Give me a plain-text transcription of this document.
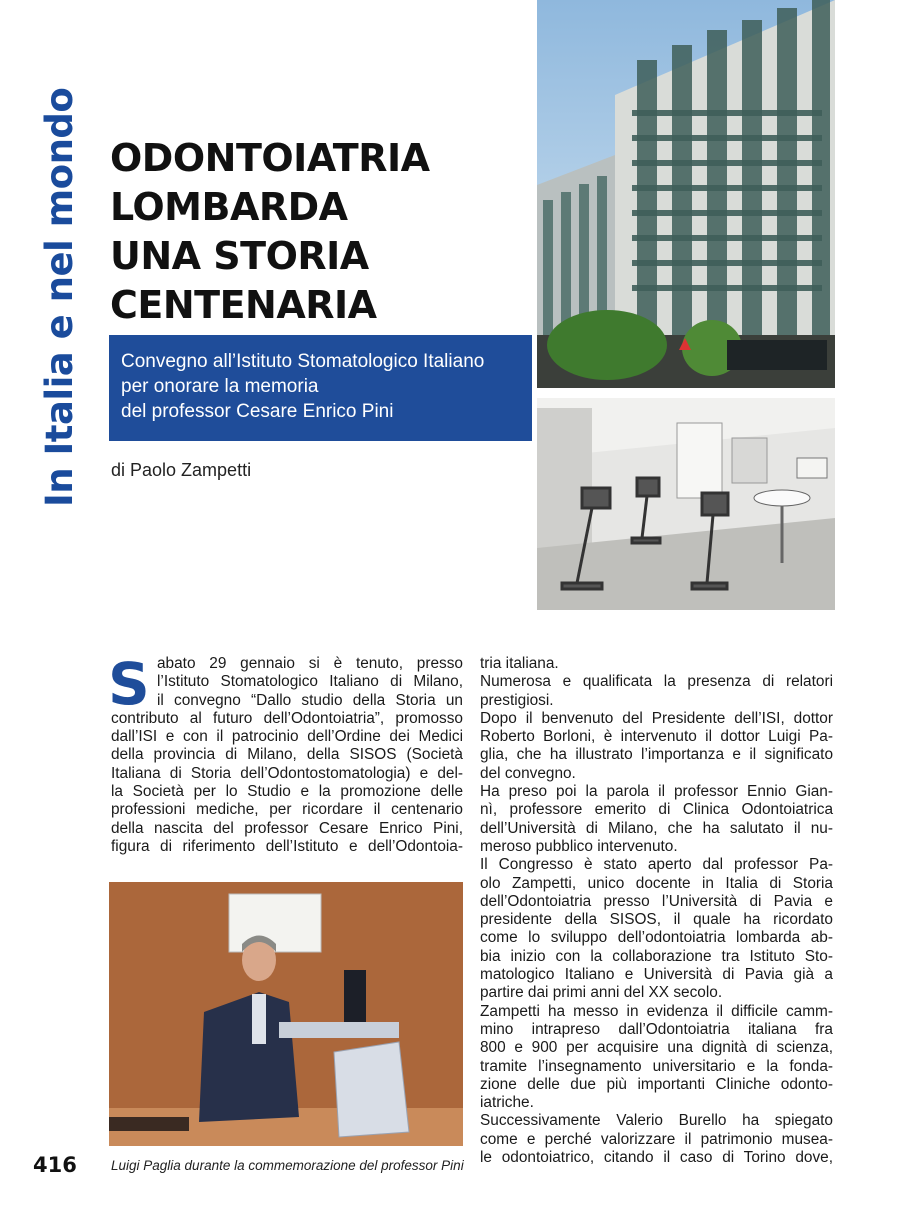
In Italia e nel mondo ODONTOIATRIA
LOMBARDA
UNA STORIA
CENTENARIA
Convegno all’Istituto Stomatologico Italiano
per onorare la memoria
del professor Cesare Enrico Pini
di Paolo Zampetti
S abato 29 gennaio si è tenuto, presso
l’Istituto Stomatologico Italiano di Milano,
il convegno “Dallo studio della Storia un
contributo al futuro dell’Odontoiatria”, promosso
dall’ISI e con il patrocinio dell’Ordine dei Medici
della provincia di Milano, della SISOS (Società
Italiana di Storia dell’Odontostomatologia) e del-
la Società per lo Studio e la promozione delle
professioni mediche, per ricordare il centenario
della nascita del professor Cesare Enrico Pini,
figura di riferimento dell’Istituto e dell’Odontoia-
Luigi Paglia durante la commemorazione del professor Pini
tria italiana.
Numerosa e qualificata la presenza di relatori
prestigiosi.
Dopo il benvenuto del Presidente dell’ISI, dottor
Roberto Borloni, è intervenuto il dottor Luigi Pa-
glia, che ha illustrato l’importanza e il significato
del convegno.
Ha preso poi la parola il professor Ennio Gian-
nì, professore emerito di Clinica Odontoiatrica
dell’Università di Milano, che ha salutato il nu-
meroso pubblico intervenuto.
Il Congresso è stato aperto dal professor Pa-
olo Zampetti, unico docente in Italia di Storia
dell’Odontoiatria presso l’Università di Pavia e
presidente della SISOS, il quale ha ricordato
come lo sviluppo dell’odontoiatria lombarda ab-
bia inizio con la collaborazione tra Istituto Sto-
matologico Italiano e Università di Pavia già a
partire dai primi anni del XX secolo.
Zampetti ha messo in evidenza il difficile camm-
mino intrapreso dall’Odontoiatria italiana fra
800 e 900 per acquisire una dignità di scienza,
tramite l’insegnamento universitario e la fonda-
zione delle due più importanti Cliniche odonto-
iatriche.
Successivamente Valerio Burello ha spiegato
come e perché valorizzare il patrimonio musea-
le odontoiatrico, citando il caso di Torino dove,
416
